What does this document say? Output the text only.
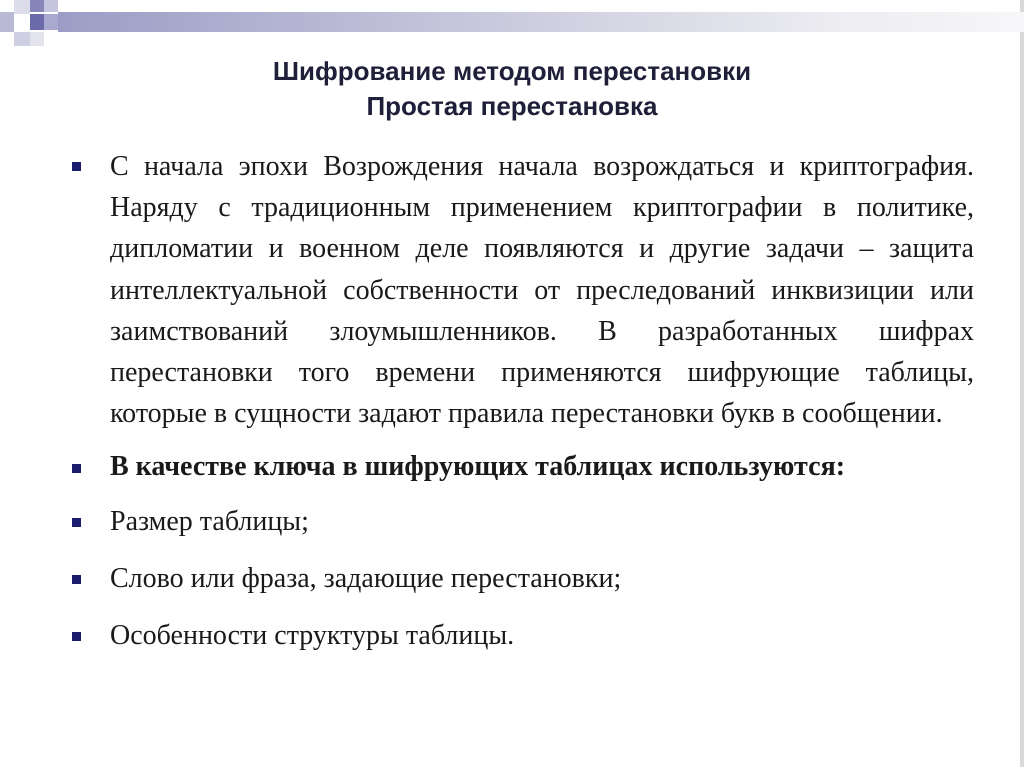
Шифрование методом перестановки
Простая перестановка
С начала эпохи Возрождения начала возрождаться и криптография. Наряду с традиционным применением криптографии в политике, дипломатии и военном деле появляются и другие задачи – защита интеллектуальной собственности от преследований инквизиции или заимствований злоумышленников. В разработанных шифрах перестановки того времени применяются шифрующие таблицы, которые в сущности задают правила перестановки букв в сообщении.
В качестве ключа в шифрующих таблицах используются:
Размер таблицы;
Слово или фраза, задающие перестановки;
Особенности структуры таблицы.
